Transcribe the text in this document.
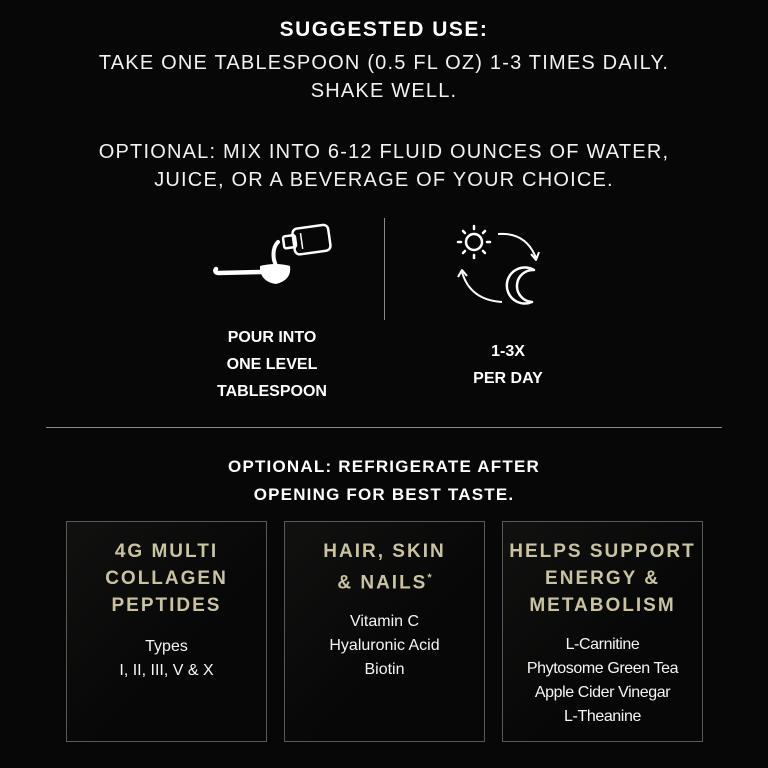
SUGGESTED USE:
TAKE ONE TABLESPOON (0.5 FL OZ) 1-3 TIMES DAILY.
SHAKE WELL.
OPTIONAL: MIX INTO 6-12 FLUID OUNCES OF WATER,
JUICE, OR A BEVERAGE OF YOUR CHOICE.
POUR INTO
ONE LEVEL
TABLESPOON
1-3X
PER DAY
OPTIONAL: REFRIGERATE AFTER
OPENING FOR BEST TASTE.
4G MULTI
COLLAGEN
PEPTIDES
Types
I, II, III, V & X
HAIR, SKIN
& NAILS*
Vitamin C
Hyaluronic Acid
Biotin
HELPS SUPPORT
ENERGY &
METABOLISM
L-Carnitine
Phytosome Green Tea
Apple Cider Vinegar
L-Theanine
